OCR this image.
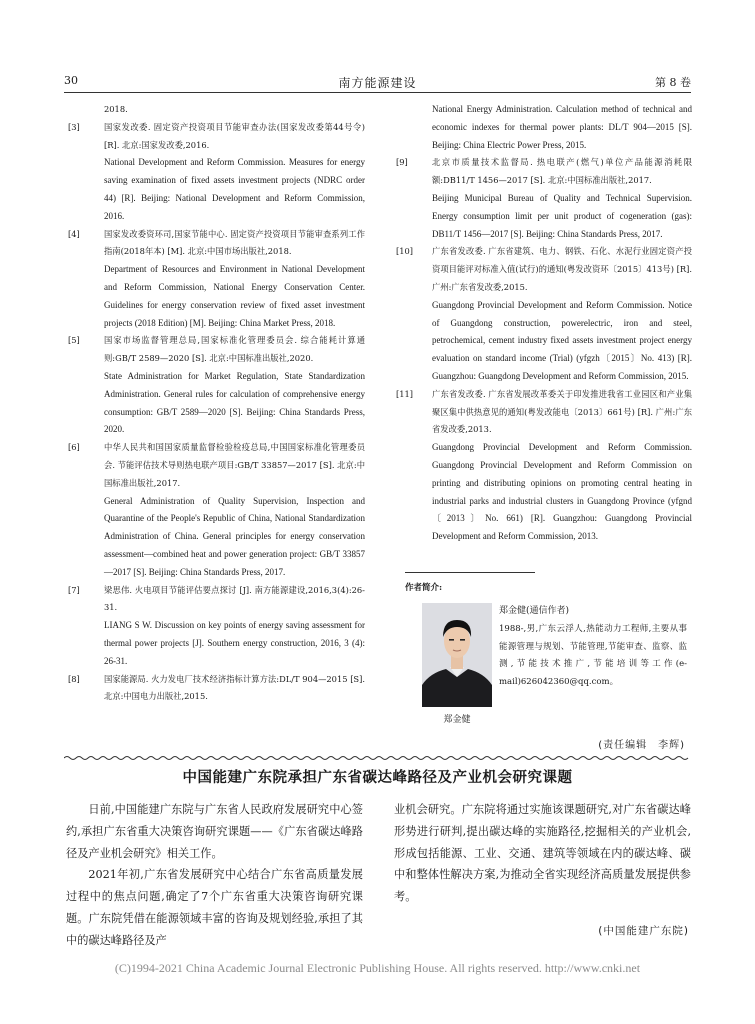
30	南方能源建设	第 8 卷
2018.
[3]	国家发改委. 固定资产投资项目节能审查办法(国家发改委第44号令) [R]. 北京:国家发改委,2016.
National Development and Reform Commission. Measures for energy saving examination of fixed assets investment projects (NDRC order 44) [R]. Beijing: National Development and Reform Commission, 2016.
[4]	国家发改委资环司,国家节能中心. 固定资产投资项目节能审查系列工作指南(2018年本) [M]. 北京:中国市场出版社,2018.
Department of Resources and Environment in National Development and Reform Commission, National Energy Conservation Center. Guidelines for energy conservation review of fixed asset investment projects (2018 Edition) [M]. Beijing: China Market Press, 2018.
[5]	国家市场监督管理总局,国家标准化管理委员会. 综合能耗计算通则:GB/T 2589—2020 [S]. 北京:中国标准出版社,2020.
State Administration for Market Regulation, State Standardization Administration. General rules for calculation of comprehensive energy consumption: GB/T 2589—2020 [S]. Beijing: China Standards Press, 2020.
[6]	中华人民共和国国家质量监督检验检疫总局,中国国家标准化管理委员会. 节能评估技术导则热电联产项目:GB/T 33857—2017 [S]. 北京:中国标准出版社,2017.
General Administration of Quality Supervision, Inspection and Quarantine of the People's Republic of China, National Standardization Administration of China. General principles for energy conservation assessment—combined heat and power generation project: GB/T 33857—2017 [S]. Beijing: China Standards Press, 2017.
[7]	梁思伟. 火电项目节能评估要点探讨 [J]. 南方能源建设,2016,3(4):26-31.
LIANG S W. Discussion on key points of energy saving assessment for thermal power projects [J]. Southern energy construction, 2016, 3 (4): 26-31.
[8]	国家能源局. 火力发电厂技术经济指标计算方法:DL/T 904—2015 [S]. 北京:中国电力出版社,2015.
National Energy Administration. Calculation method of technical and economic indexes for thermal power plants: DL/T 904—2015 [S]. Beijing: China Electric Power Press, 2015.
[9]	北京市质量技术监督局. 热电联产(燃气)单位产品能源消耗限额:DB11/T 1456—2017 [S]. 北京:中国标准出版社,2017.
Beijing Municipal Bureau of Quality and Technical Supervision. Energy consumption limit per unit product of cogeneration (gas): DB11/T 1456—2017 [S]. Beijing: China Standards Press, 2017.
[10]	广东省发改委. 广东省建筑、电力、钢铁、石化、水泥行业固定资产投资项目能评对标准入值(试行)的通知(粤发改资环〔2015〕413号) [R]. 广州:广东省发改委,2015.
Guangdong Provincial Development and Reform Commission. Notice of Guangdong construction, powerelectric, iron and steel, petrochemical, cement industry fixed assets investment project energy evaluation on standard income (Trial) (yfgzh〔2015〕No. 413) [R]. Guangzhou: Guangdong Development and Reform Commission, 2015.
[11]	广东省发改委. 广东省发展改革委关于印发推进我省工业园区和产业集聚区集中供热意见的通知(粤发改能电〔2013〕661号) [R]. 广州:广东省发改委,2013.
Guangdong Provincial Development and Reform Commission. Guangdong Provincial Development and Reform Commission on printing and distributing opinions on promoting central heating in industrial parks and industrial clusters in Guangdong Province (yfgnd〔2013〕No. 661) [R]. Guangzhou: Guangdong Provincial Development and Reform Commission, 2013.
作者简介:
郑金健
郑金健(通信作者)
1988-,男,广东云浮人,热能动力工程师,主要从事能源管理与规划、节能管理,节能审查、监察、监测,节能技术推广,节能培训等工作(e-mail)626042360@qq.com。
(责任编辑　李辉)
中国能建广东院承担广东省碳达峰路径及产业机会研究课题

日前,中国能建广东院与广东省人民政府发展研究中心签约,承担广东省重大决策咨询研究课题——《广东省碳达峰路径及产业机会研究》相关工作。

2021年初,广东省发展研究中心结合广东省高质量发展过程中的焦点问题,确定了7个广东省重大决策咨询研究课题。广东院凭借在能源领域丰富的咨询及规划经验,承担了其中的碳达峰路径及产

业机会研究。广东院将通过实施该课题研究,对广东省碳达峰形势进行研判,提出碳达峰的实施路径,挖掘相关的产业机会,形成包括能源、工业、交通、建筑等领域在内的碳达峰、碳中和整体性解决方案,为推动全省实现经济高质量发展提供参考。

(中国能建广东院)
(C)1994-2021 China Academic Journal Electronic Publishing House. All rights reserved. http://www.cnki.net
